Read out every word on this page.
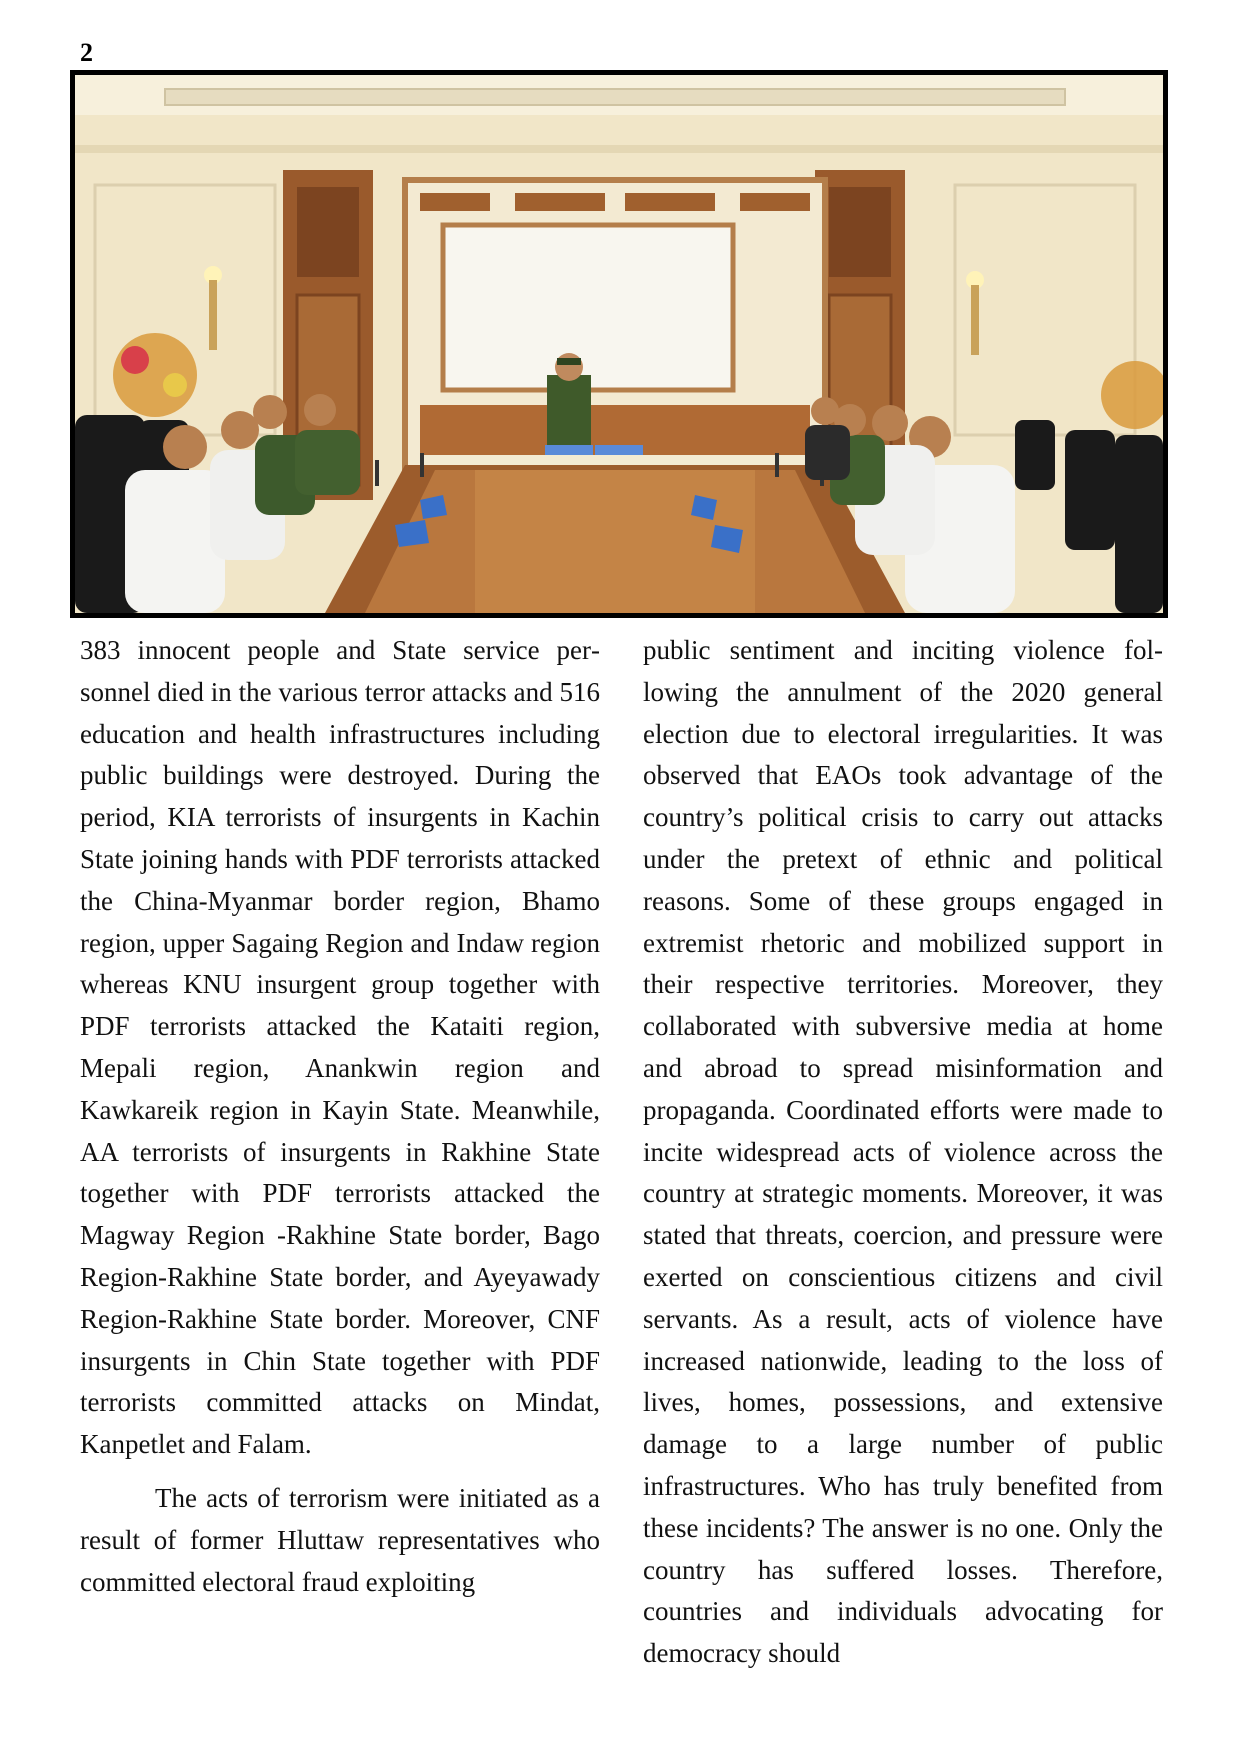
2

383 innocent people and State service personnel died in the various terror attacks and 516 education and health infrastructures including public buildings were destroyed. During the period, KIA terrorists of insurgents in Kachin State joining hands with PDF terrorists attacked the China-Myanmar border region, Bhamo region, upper Sagaing Region and Indaw region whereas KNU insurgent group together with PDF terrorists attacked the Kataiti region, Mepali region, Anankwin region and Kawkareik region in Kayin State. Meanwhile, AA terrorists of insurgents in Rakhine State together with PDF terrorists attacked the Magway Region -Rakhine State border, Bago Region-Rakhine State border, and Ayeyawady Region-Rakhine State border. Moreover, CNF insurgents in Chin State together with PDF terrorists committed attacks on Mindat, Kanpetlet and Falam.

The acts of terrorism were initiated as a result of former Hluttaw representatives who committed electoral fraud exploiting

public sentiment and inciting violence following the annulment of the 2020 general election due to electoral irregularities. It was observed that EAOs took advantage of the country’s political crisis to carry out attacks under the pretext of ethnic and political reasons. Some of these groups engaged in extremist rhetoric and mobilized support in their respective territories. Moreover, they collaborated with subversive media at home and abroad to spread misinformation and propaganda. Coordinated efforts were made to incite widespread acts of violence across the country at strategic moments. Moreover, it was stated that threats, coercion, and pressure were exerted on conscientious citizens and civil servants. As a result, acts of violence have increased nationwide, leading to the loss of lives, homes, possessions, and extensive damage to a large number of public infrastructures. Who has truly benefited from these incidents? The answer is no one. Only the country has suffered losses. Therefore, countries and individuals advocating for democracy should
